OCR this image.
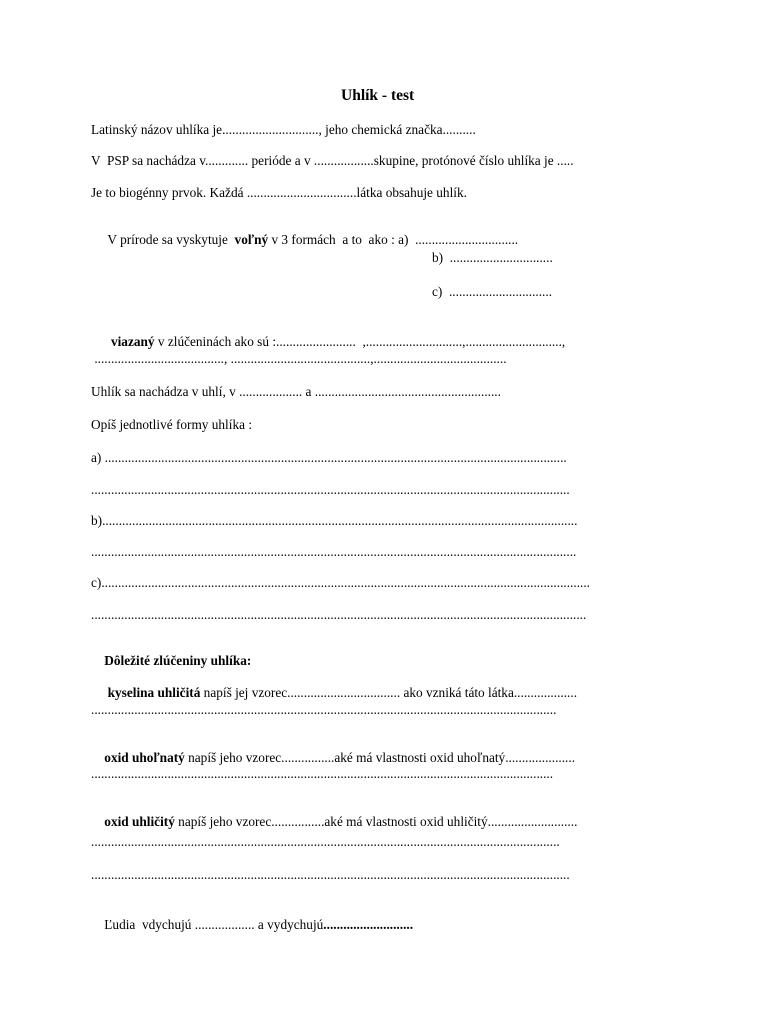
Uhlík - test
Latinský názov uhlíka je............................., jeho chemická značka..........
V  PSP sa nachádza v............. perióde a v ..................skupine, protónové číslo uhlíka je .....
Je to biogénny prvok. Každá .................................látka obsahuje uhlík.

V prírode sa vyskytuje  voľný v 3 formách  a to  ako : a)  ...............................

b)  ...............................
c)  ...............................

viazaný v zlúčeninách ako sú :........................  ,.............................,.............................,

......................................., ..........................................,........................................
Uhlík sa nachádza v uhlí, v ................... a ........................................................
Opíš jednotlivé formy uhlíka :
a) ...........................................................................................................................................
................................................................................................................................................
b)...............................................................................................................................................
..................................................................................................................................................
c)...................................................................................................................................................
.....................................................................................................................................................

Dôležité zlúčeniny uhlíka:

kyselina uhličitá napíš jej vzorec.................................. ako vzniká táto látka...................

............................................................................................................................................

oxid uhoľnatý napíš jeho vzorec................aké má vlastnosti oxid uhoľnatý.....................

...........................................................................................................................................

oxid uhličitý napíš jeho vzorec................aké má vlastnosti oxid uhličitý...........................

.............................................................................................................................................
................................................................................................................................................

Ľudia  vdychujú .................. a vydychujú...........................
